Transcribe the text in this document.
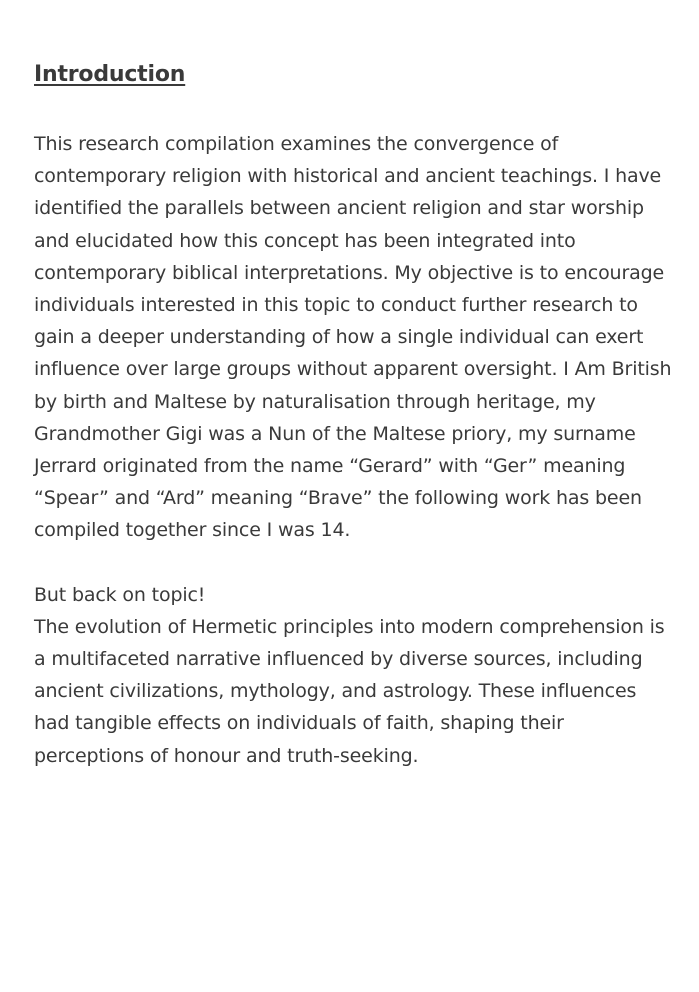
Introduction

This research compilation examines the convergence of contemporary religion with historical and ancient teachings. I have identified the parallels between ancient religion and star worship and elucidated how this concept has been integrated into contemporary biblical interpretations. My objective is to encourage individuals interested in this topic to conduct further research to gain a deeper understanding of how a single individual can exert influence over large groups without apparent oversight. I Am British by birth and Maltese by naturalisation through heritage, my Grandmother Gigi was a Nun of the Maltese priory, my surname Jerrard originated from the name “Gerard” with “Ger” meaning “Spear” and “Ard” meaning “Brave” the following work has been compiled together since I was 14.

But back on topic!
The evolution of Hermetic principles into modern comprehension is a multifaceted narrative influenced by diverse sources, including ancient civilizations, mythology, and astrology. These influences had tangible effects on individuals of faith, shaping their perceptions of honour and truth-seeking.
